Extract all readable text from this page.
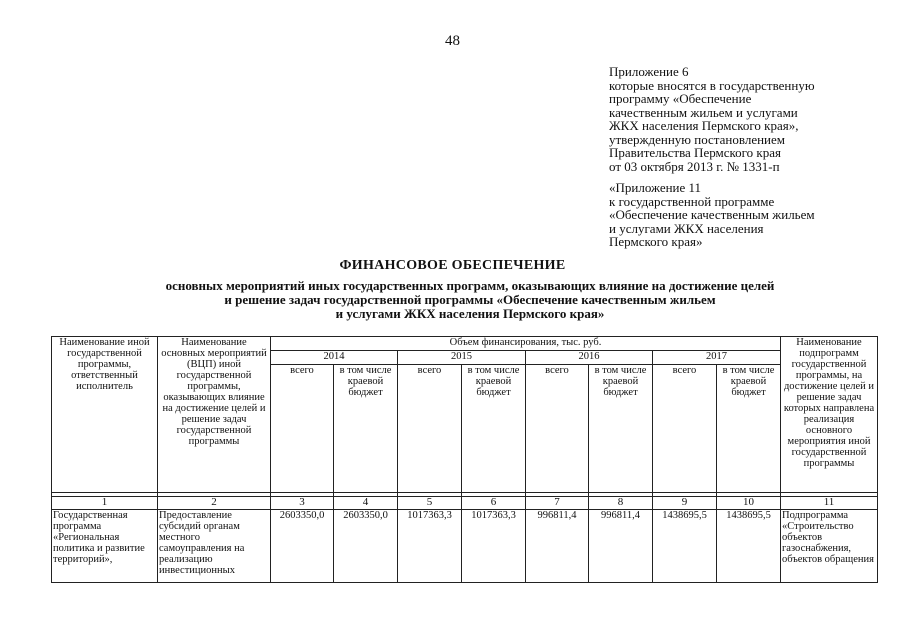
48
Приложение 6
которые вносятся в государственную
программу «Обеспечение
качественным жильем и услугами
ЖКХ населения Пермского края»,
утвержденную постановлением
Правительства Пермского края
от 03 октября 2013 г. № 1331-п
«Приложение 11
к государственной программе
«Обеспечение качественным жильем
и услугами ЖКХ населения
Пермского края»
ФИНАНСОВОЕ ОБЕСПЕЧЕНИЕ
основных мероприятий иных государственных программ, оказывающих влияние на достижение целей
и решение задач государственной программы «Обеспечение качественным жильем
и услугами ЖКХ населения Пермского края»
Наименование иной государственной программы, ответственный исполнитель	Наименование основных мероприятий (ВЦП) иной государственной программы, оказывающих влияние на достижение целей и решение задач государственной программы	Объем финансирования, тыс. руб.								Наименование подпрограмм государственной программы, на достижение целей и решение задач которых направлена реализация основного мероприятия иной государственной программы
		2014		2015		2016		2017		
		всего	в том числе краевой бюджет	всего	в том числе краевой бюджет	всего	в том числе краевой бюджет	всего	в том числе краевой бюджет	

1	2	3	4	5	6	7	8	9	10	11
Государственная программа «Региональная политика и развитие территорий»,	Предоставление субсидий органам местного самоуправления на реализацию инвестиционных	2603350,0	2603350,0	1017363,3	1017363,3	996811,4	996811,4	1438695,5	1438695,5	Подпрограмма «Строительство объектов газоснабжения, объектов обращения
